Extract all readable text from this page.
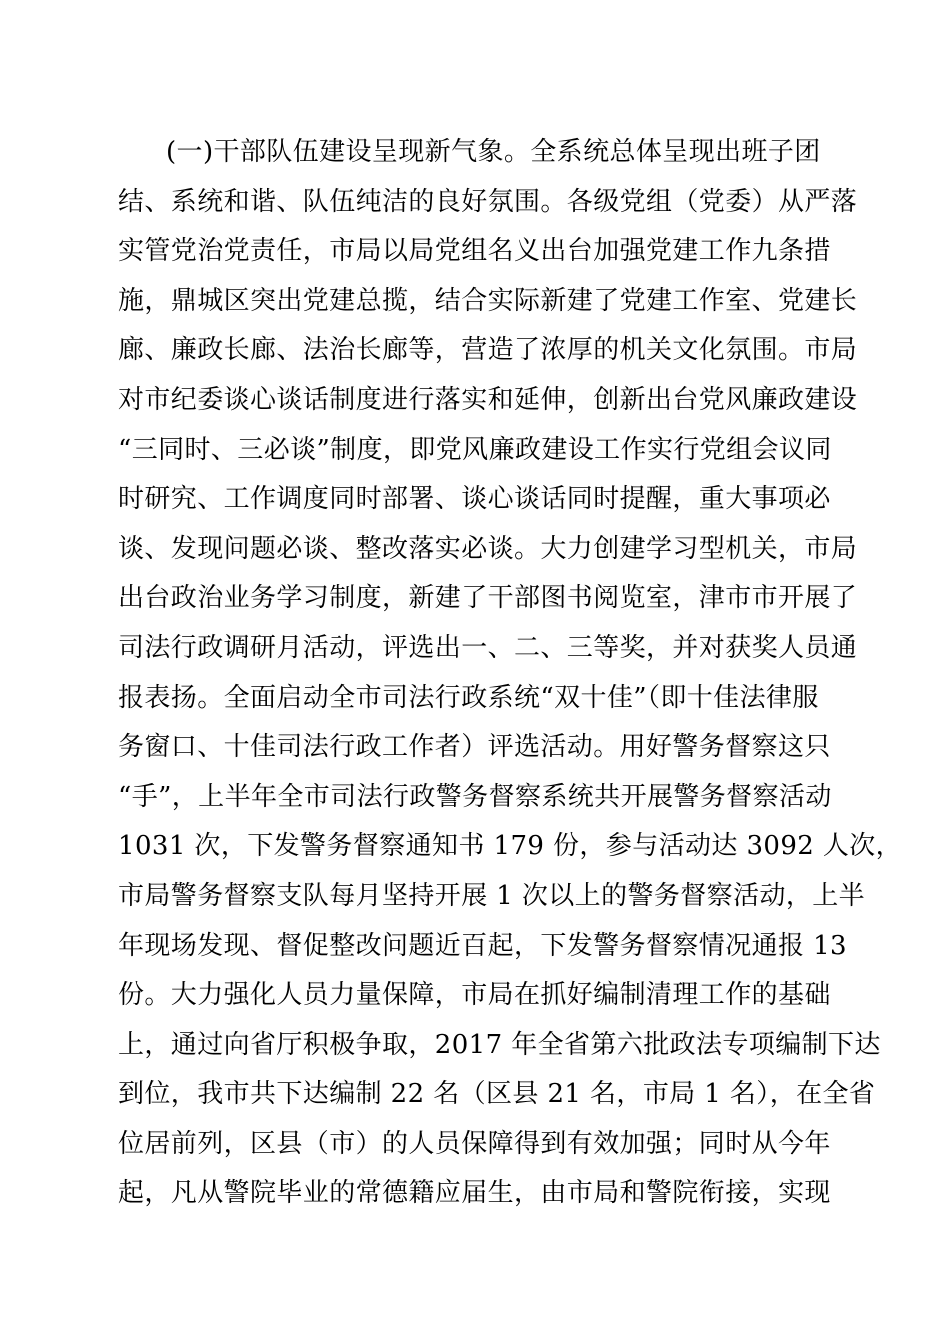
(一)干部队伍建设呈现新气象。全系统总体呈现出班子团
结、系统和谐、队伍纯洁的良好氛围。各级党组（党委）从严落
实管党治党责任，市局以局党组名义出台加强党建工作九条措
施，鼎城区突出党建总揽，结合实际新建了党建工作室、党建长
廊、廉政长廊、法治长廊等，营造了浓厚的机关文化氛围。市局
对市纪委谈心谈话制度进行落实和延伸，创新出台党风廉政建设
“三同时、三必谈”制度，即党风廉政建设工作实行党组会议同
时研究、工作调度同时部署、谈心谈话同时提醒，重大事项必
谈、发现问题必谈、整改落实必谈。大力创建学习型机关，市局
出台政治业务学习制度，新建了干部图书阅览室，津市市开展了
司法行政调研月活动，评选出一、二、三等奖，并对获奖人员通
报表扬。全面启动全市司法行政系统“双十佳”（即十佳法律服
务窗口、十佳司法行政工作者）评选活动。用好警务督察这只
“手”，上半年全市司法行政警务督察系统共开展警务督察活动
1031 次，下发警务督察通知书 179 份，参与活动达 3092 人次，
市局警务督察支队每月坚持开展 1 次以上的警务督察活动，上半
年现场发现、督促整改问题近百起，下发警务督察情况通报 13
份。大力强化人员力量保障，市局在抓好编制清理工作的基础
上，通过向省厅积极争取，2017 年全省第六批政法专项编制下达
到位，我市共下达编制 22 名（区县 21 名，市局 1 名），在全省
位居前列，区县（市）的人员保障得到有效加强；同时从今年
起，凡从警院毕业的常德籍应届生，由市局和警院衔接，实现
